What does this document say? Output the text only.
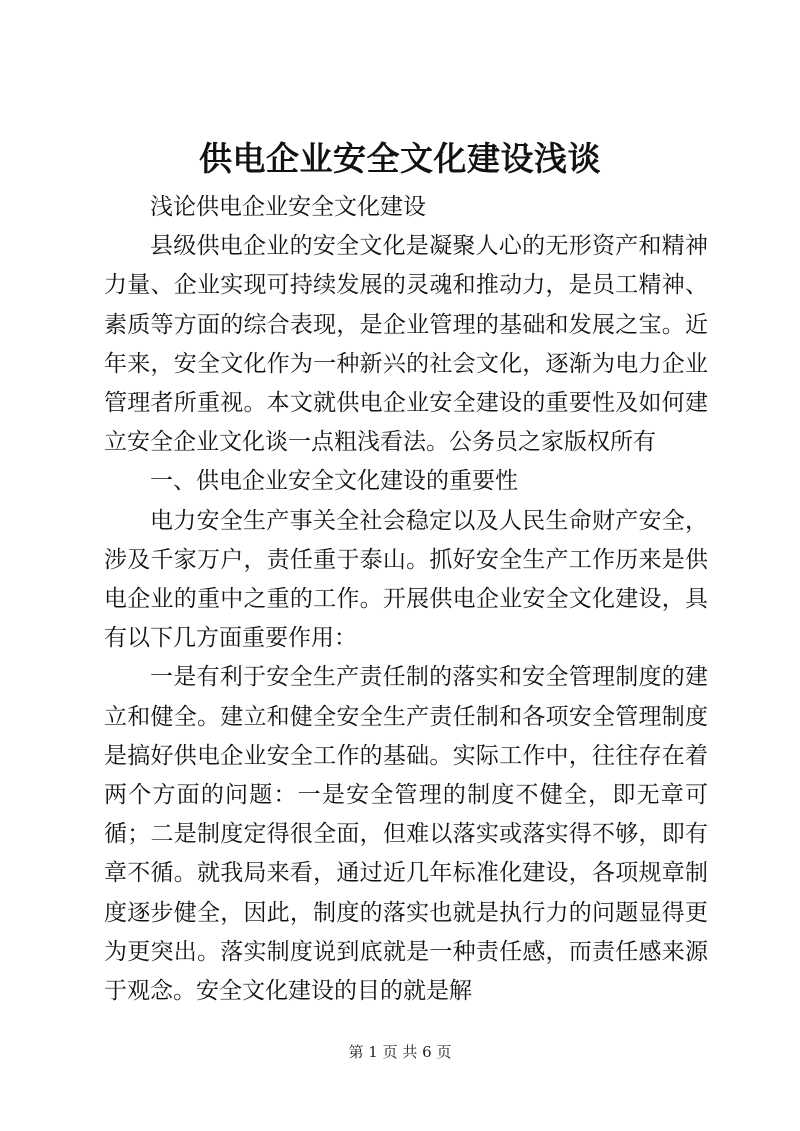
供电企业安全文化建设浅谈

浅论供电企业安全文化建设

县级供电企业的安全文化是凝聚人心的无形资产和精神力量、企业实现可持续发展的灵魂和推动力，是员工精神、素质等方面的综合表现，是企业管理的基础和发展之宝。近年来，安全文化作为一种新兴的社会文化，逐渐为电力企业管理者所重视。本文就供电企业安全建设的重要性及如何建立安全企业文化谈一点粗浅看法。公务员之家版权所有

一、供电企业安全文化建设的重要性

电力安全生产事关全社会稳定以及人民生命财产安全，涉及千家万户，责任重于泰山。抓好安全生产工作历来是供电企业的重中之重的工作。开展供电企业安全文化建设，具有以下几方面重要作用：

一是有利于安全生产责任制的落实和安全管理制度的建立和健全。建立和健全安全生产责任制和各项安全管理制度是搞好供电企业安全工作的基础。实际工作中，往往存在着两个方面的问题：一是安全管理的制度不健全，即无章可循；二是制度定得很全面，但难以落实或落实得不够，即有章不循。就我局来看，通过近几年标准化建设，各项规章制度逐步健全，因此，制度的落实也就是执行力的问题显得更为更突出。落实制度说到底就是一种责任感，而责任感来源于观念。安全文化建设的目的就是解

第 1 页 共 6 页
